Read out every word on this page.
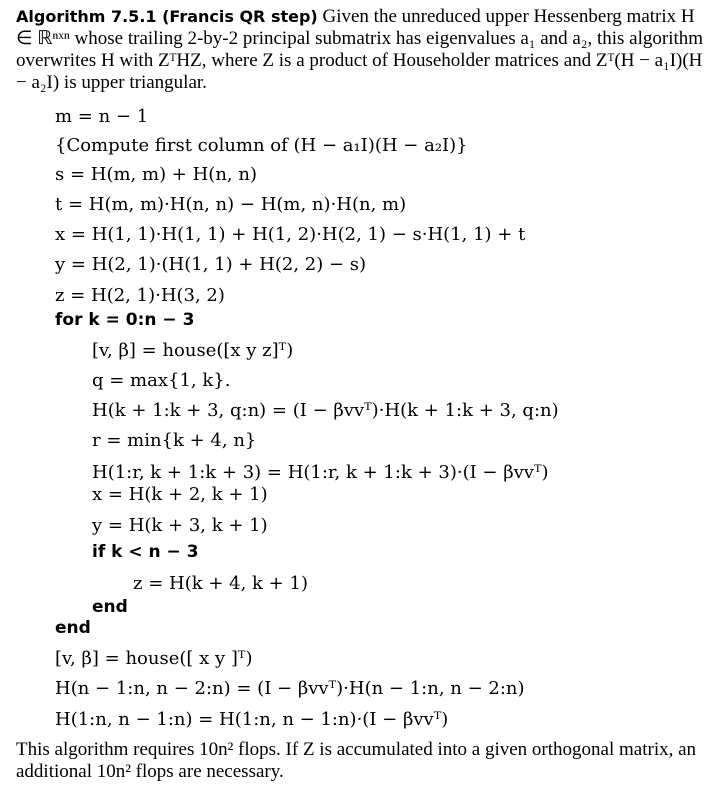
Algorithm 7.5.1 (Francis QR step) Given the unreduced upper Hessenberg matrix H ∈ ℝⁿˣⁿ whose trailing 2-by-2 principal submatrix has eigenvalues a₁ and a₂, this algorithm overwrites H with ZᵀHZ, where Z is a product of Householder matrices and Zᵀ(H − a₁I)(H − a₂I) is upper triangular.
m = n − 1
{Compute first column of (H − a₁I)(H − a₂I)}
s = H(m, m) + H(n, n)
t = H(m, m)·H(n, n) − H(m, n)·H(n, m)
x = H(1, 1)·H(1, 1) + H(1, 2)·H(2, 1) − s·H(1, 1) + t
y = H(2, 1)·(H(1, 1) + H(2, 2) − s)
z = H(2, 1)·H(3, 2)
for k = 0:n − 3
[v, β] = house([x y z]ᵀ)
q = max{1, k}.
H(k + 1:k + 3, q:n) = (I − βvvᵀ)·H(k + 1:k + 3, q:n)
r = min{k + 4, n}
H(1:r, k + 1:k + 3) = H(1:r, k + 1:k + 3)·(I − βvvᵀ)
x = H(k + 2, k + 1)
y = H(k + 3, k + 1)
if k < n − 3
z = H(k + 4, k + 1)
end
end
[v, β] = house([ x y ]ᵀ)
H(n − 1:n, n − 2:n) = (I − βvvᵀ)·H(n − 1:n, n − 2:n)
H(1:n, n − 1:n) = H(1:n, n − 1:n)·(I − βvvᵀ)
This algorithm requires 10n² flops. If Z is accumulated into a given orthogonal matrix, an additional 10n² flops are necessary.
